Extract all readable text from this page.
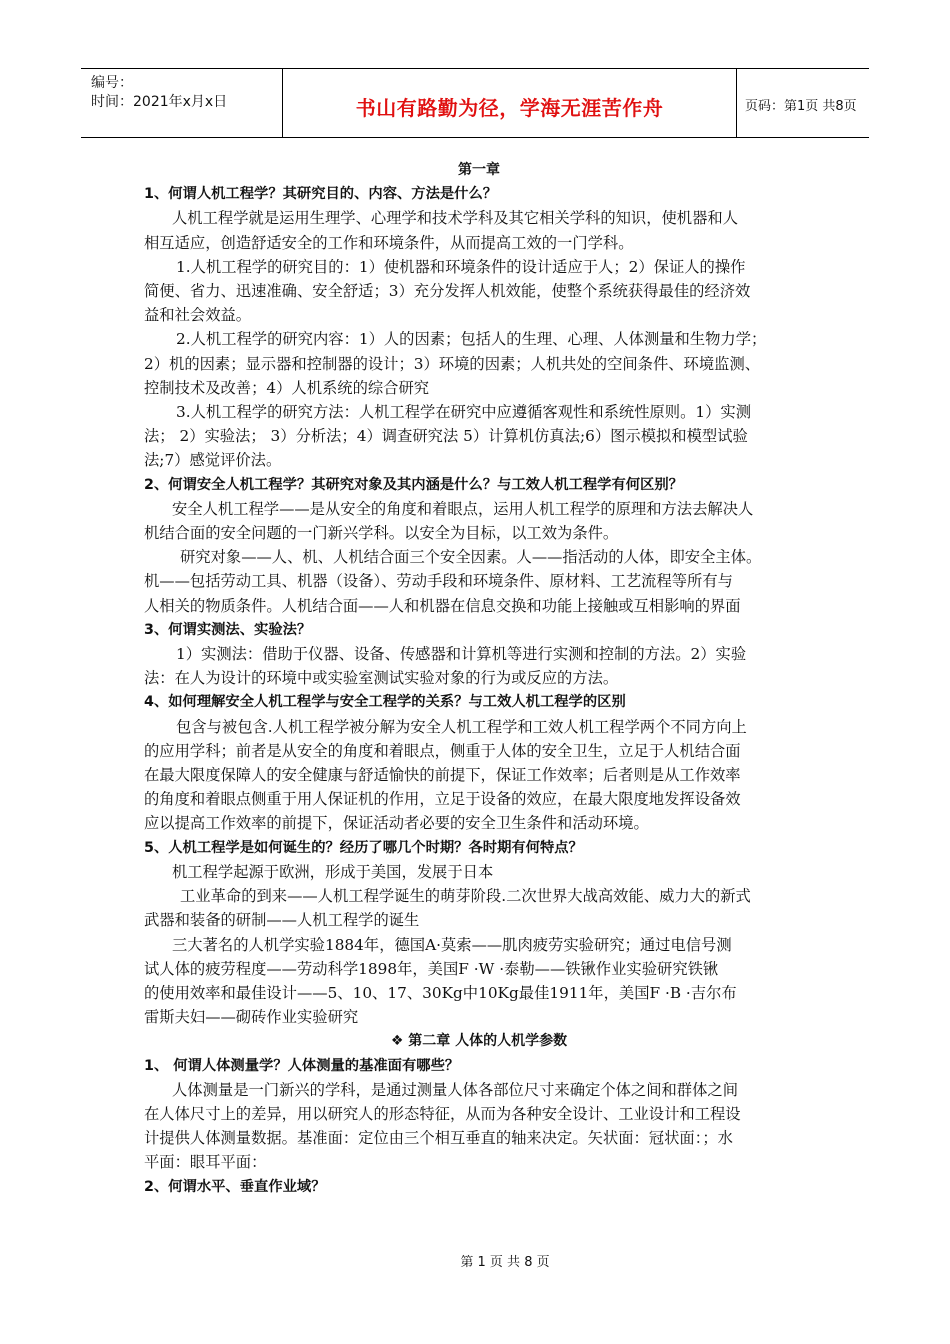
编号：
时间：2021年x月x日	书山有路勤为径，学海无涯苦作舟	页码：第1页 共8页
第一章
1、何谓人机工程学？其研究目的、内容、方法是什么？
人机工程学就是运用生理学、心理学和技术学科及其它相关学科的知识，使机器和人
相互适应，创造舒适安全的工作和环境条件，从而提高工效的一门学科。
1.人机工程学的研究目的：1）使机器和环境条件的设计适应于人；2）保证人的操作
简便、省力、迅速准确、安全舒适；3）充分发挥人机效能，使整个系统获得最佳的经济效
益和社会效益。
2.人机工程学的研究内容：1）人的因素；包括人的生理、心理、人体测量和生物力学；
2）机的因素；显示器和控制器的设计；3）环境的因素；人机共处的空间条件、环境监测、
控制技术及改善；4）人机系统的综合研究
3.人机工程学的研究方法：人机工程学在研究中应遵循客观性和系统性原则。1）实测
法； 2）实验法； 3）分析法；4）调查研究法 5）计算机仿真法;6）图示模拟和模型试验
法;7）感觉评价法。
2、何谓安全人机工程学？其研究对象及其内涵是什么？与工效人机工程学有何区别？
安全人机工程学——是从安全的角度和着眼点，运用人机工程学的原理和方法去解决人
机结合面的安全问题的一门新兴学科。以安全为目标，以工效为条件。
研究对象——人、机、人机结合面三个安全因素。人——指活动的人体，即安全主体。
机——包括劳动工具、机器（设备）、劳动手段和环境条件、原材料、工艺流程等所有与
人相关的物质条件。人机结合面——人和机器在信息交换和功能上接触或互相影响的界面
3、何谓实测法、实验法？
1）实测法：借助于仪器、设备、传感器和计算机等进行实测和控制的方法。2）实验
法：在人为设计的环境中或实验室测试实验对象的行为或反应的方法。
4、如何理解安全人机工程学与安全工程学的关系？与工效人机工程学的区别
包含与被包含.人机工程学被分解为安全人机工程学和工效人机工程学两个不同方向上
的应用学科；前者是从安全的角度和着眼点，侧重于人体的安全卫生，立足于人机结合面
在最大限度保障人的安全健康与舒适愉快的前提下，保证工作效率；后者则是从工作效率
的角度和着眼点侧重于用人保证机的作用，立足于设备的效应，在最大限度地发挥设备效
应以提高工作效率的前提下，保证活动者必要的安全卫生条件和活动环境。
5、人机工程学是如何诞生的？经历了哪几个时期？各时期有何特点？
机工程学起源于欧洲，形成于美国，发展于日本
工业革命的到来——人机工程学诞生的萌芽阶段.二次世界大战高效能、威力大的新式
武器和装备的研制——人机工程学的诞生
三大著名的人机学实验1884年，德国A·莫索——肌肉疲劳实验研究；通过电信号测
试人体的疲劳程度——劳动科学1898年，美国F ·W ·泰勒——铁锹作业实验研究铁锹
的使用效率和最佳设计——5、10、17、30Kg中10Kg最佳1911年，美国F ·B ·吉尔布
雷斯夫妇——砌砖作业实验研究
❖ 第二章 人体的人机学参数
1、 何谓人体测量学？人体测量的基准面有哪些？
人体测量是一门新兴的学科，是通过测量人体各部位尺寸来确定个体之间和群体之间
在人体尺寸上的差异，用以研究人的形态特征，从而为各种安全设计、工业设计和工程设
计提供人体测量数据。基准面：定位由三个相互垂直的轴来决定。矢状面：冠状面：；水
平面：眼耳平面：
2、何谓水平、垂直作业域？
第 1 页 共 8 页
